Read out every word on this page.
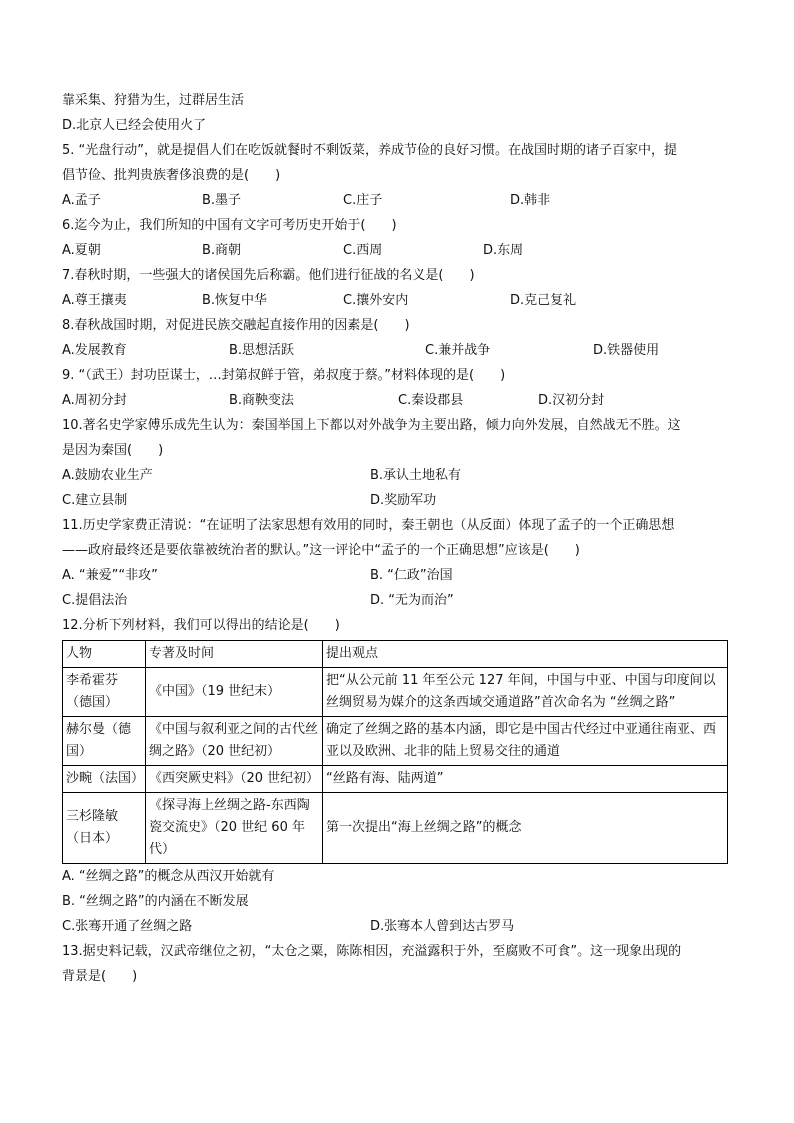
靠采集、狩猎为生，过群居生活
D.北京人已经会使用火了
5. “光盘行动”，就是提倡人们在吃饭就餐时不剩饭菜，养成节俭的良好习惯。在战国时期的诸子百家中，提
倡节俭、批判贵族奢侈浪费的是(　　)
A.孟子	B.墨子	C.庄子	D.韩非
6.迄今为止，我们所知的中国有文字可考历史开始于(　　)
A.夏朝	B.商朝	C.西周	D.东周
7.春秋时期，一些强大的诸侯国先后称霸。他们进行征战的名义是(　　)
A.尊王攘夷	B.恢复中华	C.攘外安内	D.克己复礼
8.春秋战国时期，对促进民族交融起直接作用的因素是(　　)
A.发展教育	B.思想活跃	C.兼并战争	D.铁器使用
9. “（武王）封功臣谋士，…封第叔鲜于管，弟叔度于蔡。”材料体现的是(　　)
A.周初分封	B.商鞅变法	C.秦设郡县	D.汉初分封
10.著名史学家傅乐成先生认为：秦国举国上下都以对外战争为主要出路，倾力向外发展，自然战无不胜。这
是因为秦国(　　)
A.鼓励农业生产	B.承认土地私有
C.建立县制	D.奖励军功
11.历史学家费正清说：“在证明了法家思想有效用的同时，秦王朝也（从反面）体现了孟子的一个正确思想
——政府最终还是要依靠被统治者的默认。”这一评论中“孟子的一个正确思想”应该是(　　)
A. “兼爱”“非攻”	B. “仁政”治国
C.提倡法治	D. “无为而治”
12.分析下列材料，我们可以得出的结论是(　　)
人物	专著及时间	提出观点
李希霍芬（德国）	《中国》（19 世纪末）	把“从公元前 11 年至公元 127 年间，中国与中亚、中国与印度间以丝绸贸易为媒介的这条西域交通道路”首次命名为 “丝绸之路”
赫尔曼（德国）	《中国与叙利亚之间的古代丝绸之路》（20 世纪初）	确定了丝绸之路的基本内涵，即它是中国古代经过中亚通往南亚、西亚以及欧洲、北非的陆上贸易交往的通道
沙畹（法国）	《西突厥史料》（20 世纪初）	“丝路有海、陆两道”
三杉隆敏（日本）	《探寻海上丝绸之路-东西陶瓷交流史》（20 世纪 60 年代）	第一次提出“海上丝绸之路”的概念
A. “丝绸之路”的概念从西汉开始就有
B. “丝绸之路”的内涵在不断发展
C.张骞开通了丝绸之路	D.张骞本人曾到达古罗马
13.据史料记载，汉武帝继位之初，“太仓之粟，陈陈相因，充溢露积于外，至腐败不可食”。这一现象出现的
背景是(　　)
